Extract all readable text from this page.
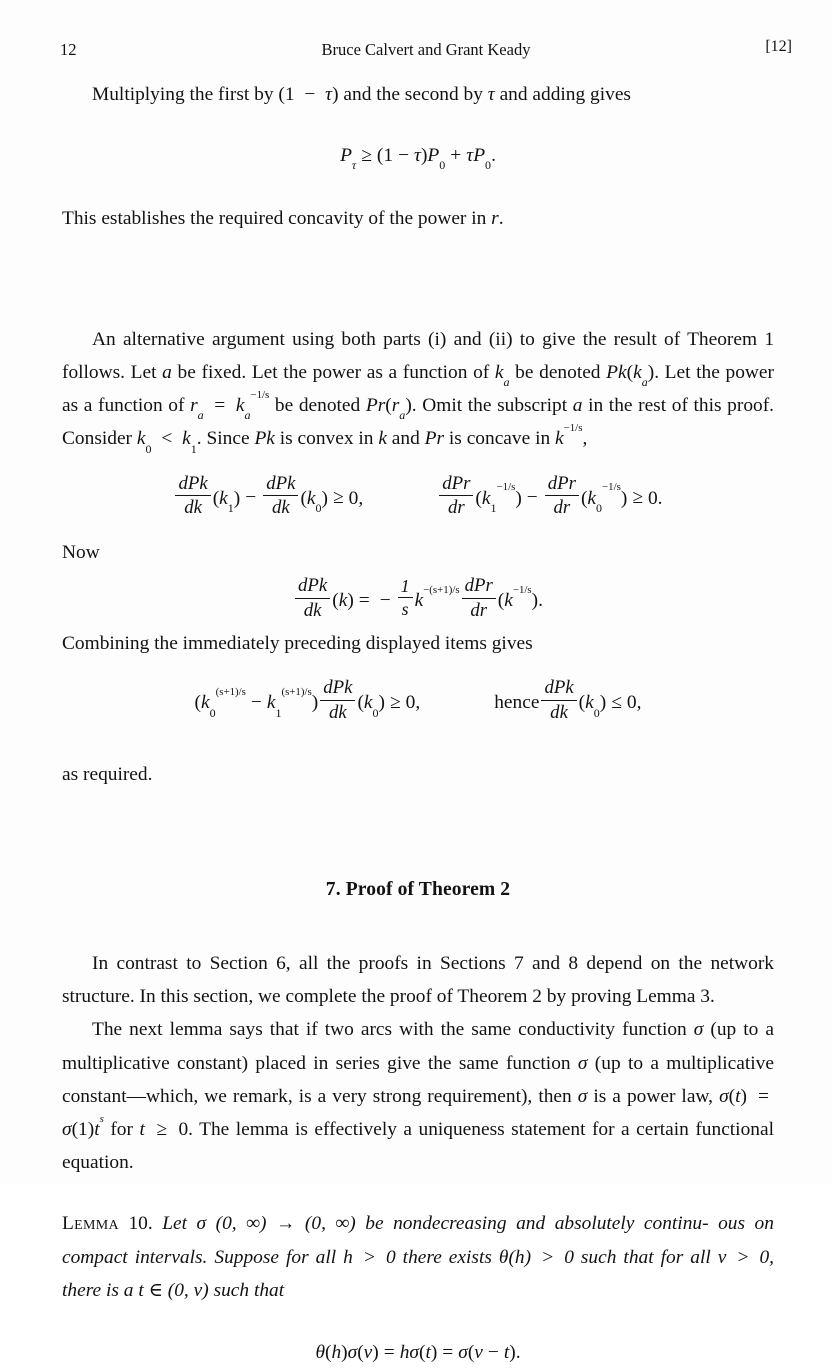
12	Bruce Calvert and Grant Keady	[12]

Multiplying the first by (1 − τ) and the second by τ and adding gives

$P_\tau \ge (1 - \tau)P_0 + \tau P_0$.

This establishes the required concavity of the power in r.

An alternative argument using both parts (i) and (ii) to give the result of Theorem 1 follows. Let a be fixed. Let the power as a function of $k_a$ be denoted $Pk(k_a)$. Let the power as a function of $r_a = k_a^{-1/s}$ be denoted $Pr(r_a)$. Omit the subscript a in the rest of this proof. Consider $k_0 < k_1$. Since Pk is convex in k and Pr is concave in $k^{-1/s}$,

$\frac{\text{dPk}}{dk} (k_1) - \frac{\text{dPk}}{dk} (k_0) \ge 0$,	$\frac{\text{dPr}}{dr} (k_1^{-1/s}) - \frac{\text{dPr}}{dr} (k_0^{-1/s}) \ge 0$.

Now

$\frac{\text{dPk}}{dk} (k)$ = − $\frac{1}{s} k^{-(s+1)/s} \frac{\text{dPr}}{dr} (k^{-1/s})$.

Combining the immediately preceding displayed items gives

$(k_0^{(s+1)/s}- k_1^{(s+1)/s}) \frac{\text{dPk}}{dk} (k_0) \ge 0$,	hence $\frac{\text{dPk}}{dk} (k_0) \le 0$,

as required.

7. Proof of Theorem 2

In contrast to Section 6, all the proofs in Sections 7 and 8 depend on the network structure. In this section, we complete the proof of Theorem 2 by proving Lemma 3.

The next lemma says that if two arcs with the same conductivity function σ (up to a multiplicative constant) placed in series give the same function σ (up to a multiplicative constant—which, we remark, is a very strong requirement), then σ is a power law, $\sigma(t) = \sigma(1)t^s$ for t ≥ 0. The lemma is effectively a uniqueness statement for a certain functional equation.

Lemma 10. Let σ (0, ∞) → (0, ∞) be nondecreasing and absolutely continu- ous on compact intervals. Suppose for all h > 0 there exists θ(h) > 0 such that for all v > 0, there is a t ∈ (0, v) such that

θ(h)σ(v) = hσ(t) = σ(v − t).
